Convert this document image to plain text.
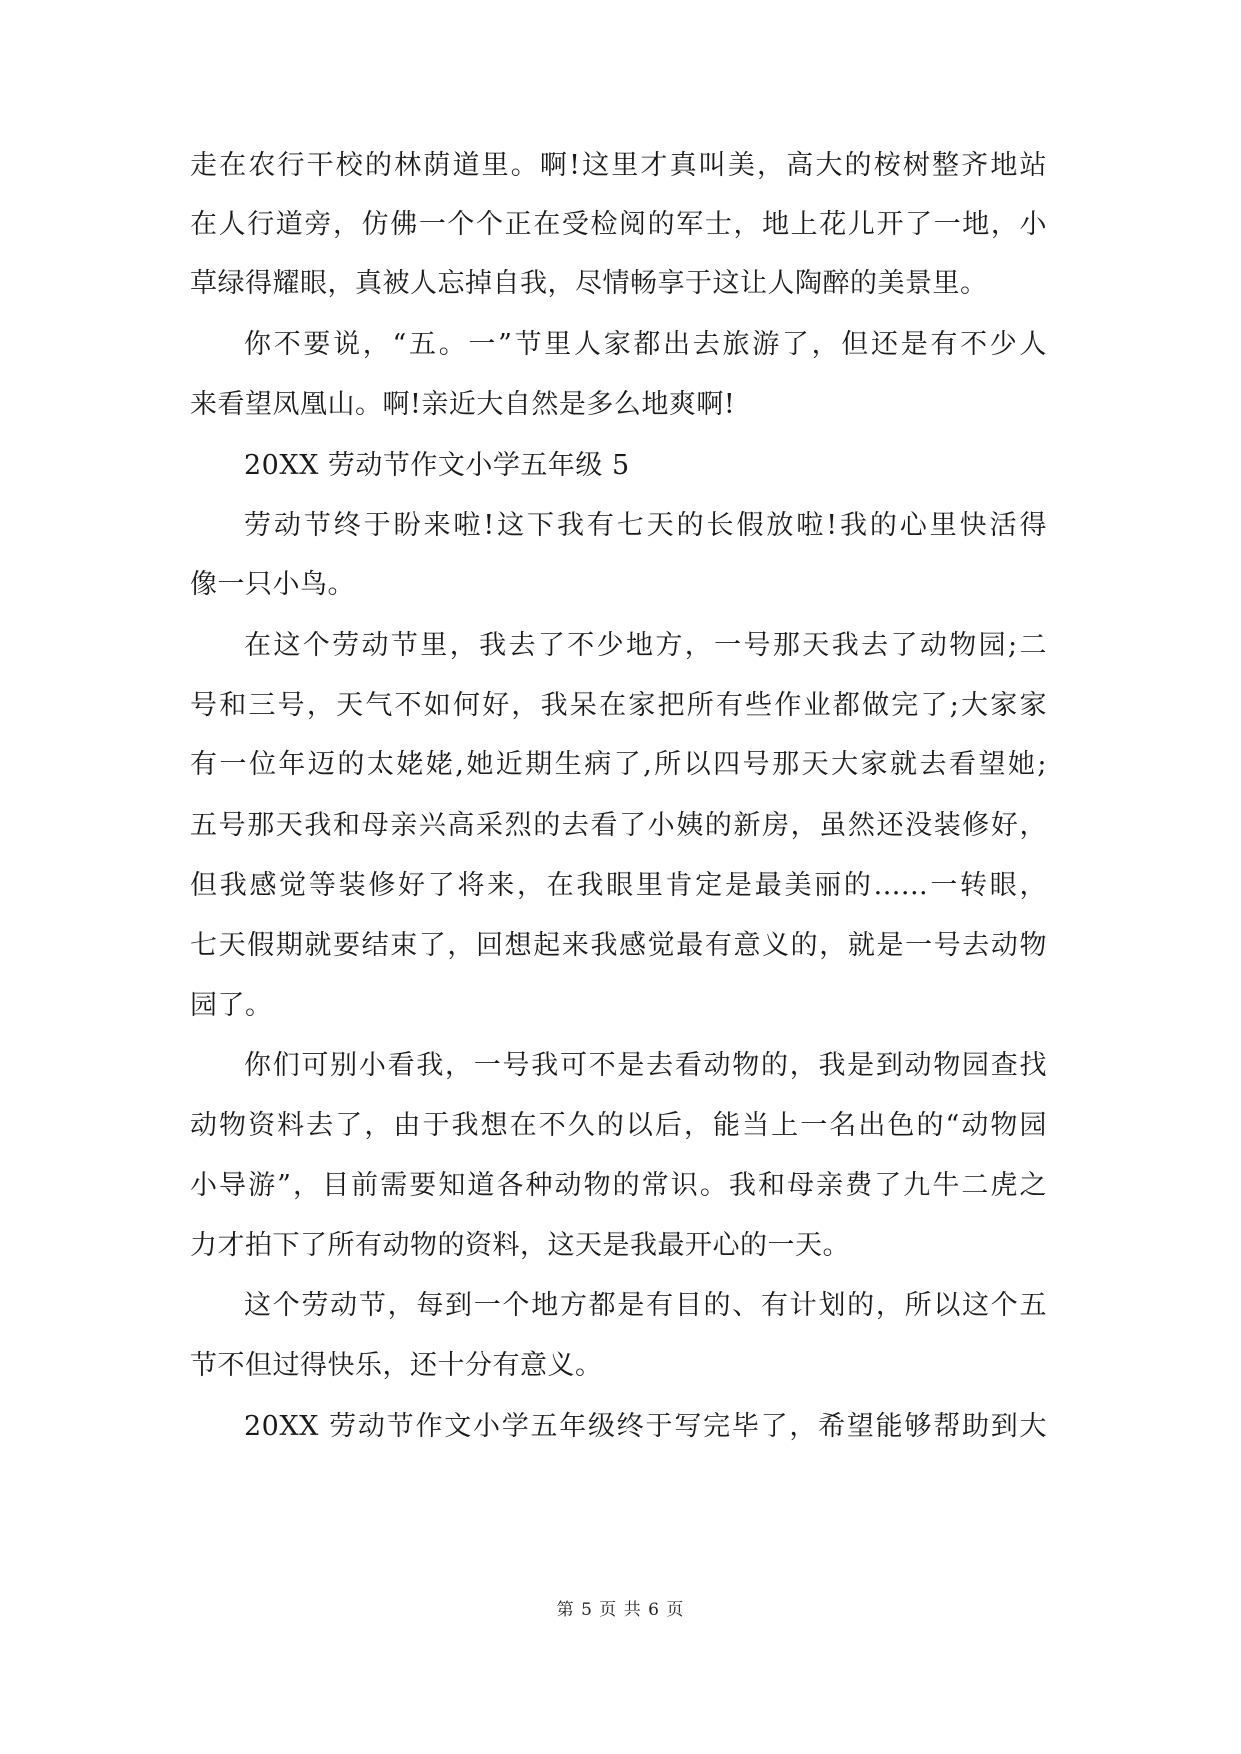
走在农行干校的林荫道里。啊!这里才真叫美，高大的桉树整齐地站
在人行道旁，仿佛一个个正在受检阅的军士，地上花儿开了一地，小
草绿得耀眼，真被人忘掉自我，尽情畅享于这让人陶醉的美景里。
你不要说，“五。一”节里人家都出去旅游了，但还是有不少人
来看望凤凰山。啊!亲近大自然是多么地爽啊!
20XX 劳动节作文小学五年级 5
劳动节终于盼来啦!这下我有七天的长假放啦!我的心里快活得
像一只小鸟。
在这个劳动节里，我去了不少地方，一号那天我去了动物园;二
号和三号，天气不如何好，我呆在家把所有些作业都做完了;大家家
有一位年迈的太姥姥,她近期生病了,所以四号那天大家就去看望她;
五号那天我和母亲兴高采烈的去看了小姨的新房，虽然还没装修好，
但我感觉等装修好了将来，在我眼里肯定是最美丽的......一转眼，
七天假期就要结束了，回想起来我感觉最有意义的，就是一号去动物
园了。
你们可别小看我，一号我可不是去看动物的，我是到动物园查找
动物资料去了，由于我想在不久的以后，能当上一名出色的“动物园
小导游”，目前需要知道各种动物的常识。我和母亲费了九牛二虎之
力才拍下了所有动物的资料，这天是我最开心的一天。
这个劳动节，每到一个地方都是有目的、有计划的，所以这个五
节不但过得快乐，还十分有意义。
20XX 劳动节作文小学五年级终于写完毕了，希望能够帮助到大
第 5 页 共 6 页
